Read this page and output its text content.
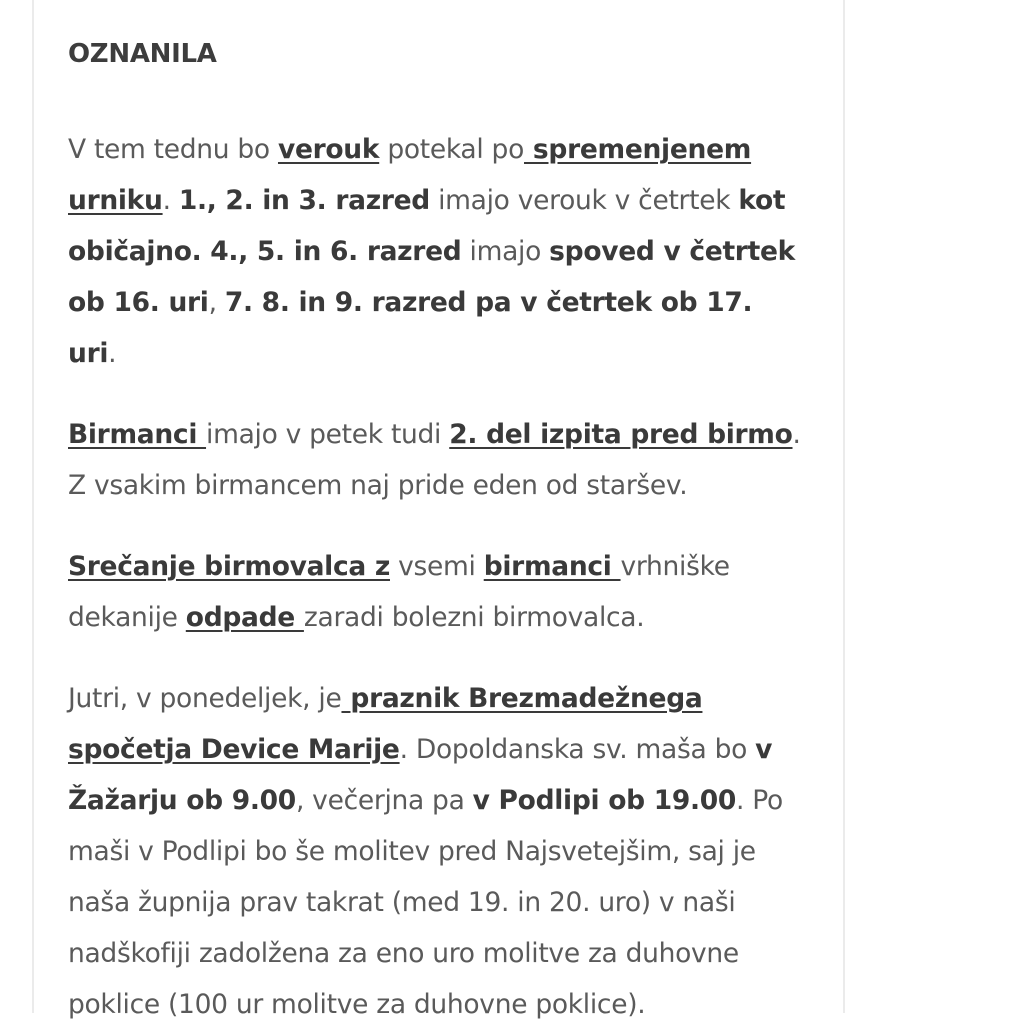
OZNANILA

V tem tednu bo verouk potekal po spremenjenem urniku. 1., 2. in 3. razred imajo verouk v četrtek kot običajno. 4., 5. in 6. razred imajo spoved v četrtek ob 16. uri, 7. 8. in 9. razred pa v četrtek ob 17. uri.

Birmanci imajo v petek tudi 2. del izpita pred birmo. Z vsakim birmancem naj pride eden od staršev.

Srečanje birmovalca z vsemi birmanci vrhniške dekanije odpade zaradi bolezni birmovalca.

Jutri, v ponedeljek, je praznik Brezmadežnega spočetja Device Marije. Dopoldanska sv. maša bo v Žažarju ob 9.00, večerjna pa v Podlipi ob 19.00. Po maši v Podlipi bo še molitev pred Najsvetejšim, saj je naša župnija prav takrat (med 19. in 20. uro) v naši nadškofiji zadolžena za eno uro molitve za duhovne poklice (100 ur molitve za duhovne poklice).
